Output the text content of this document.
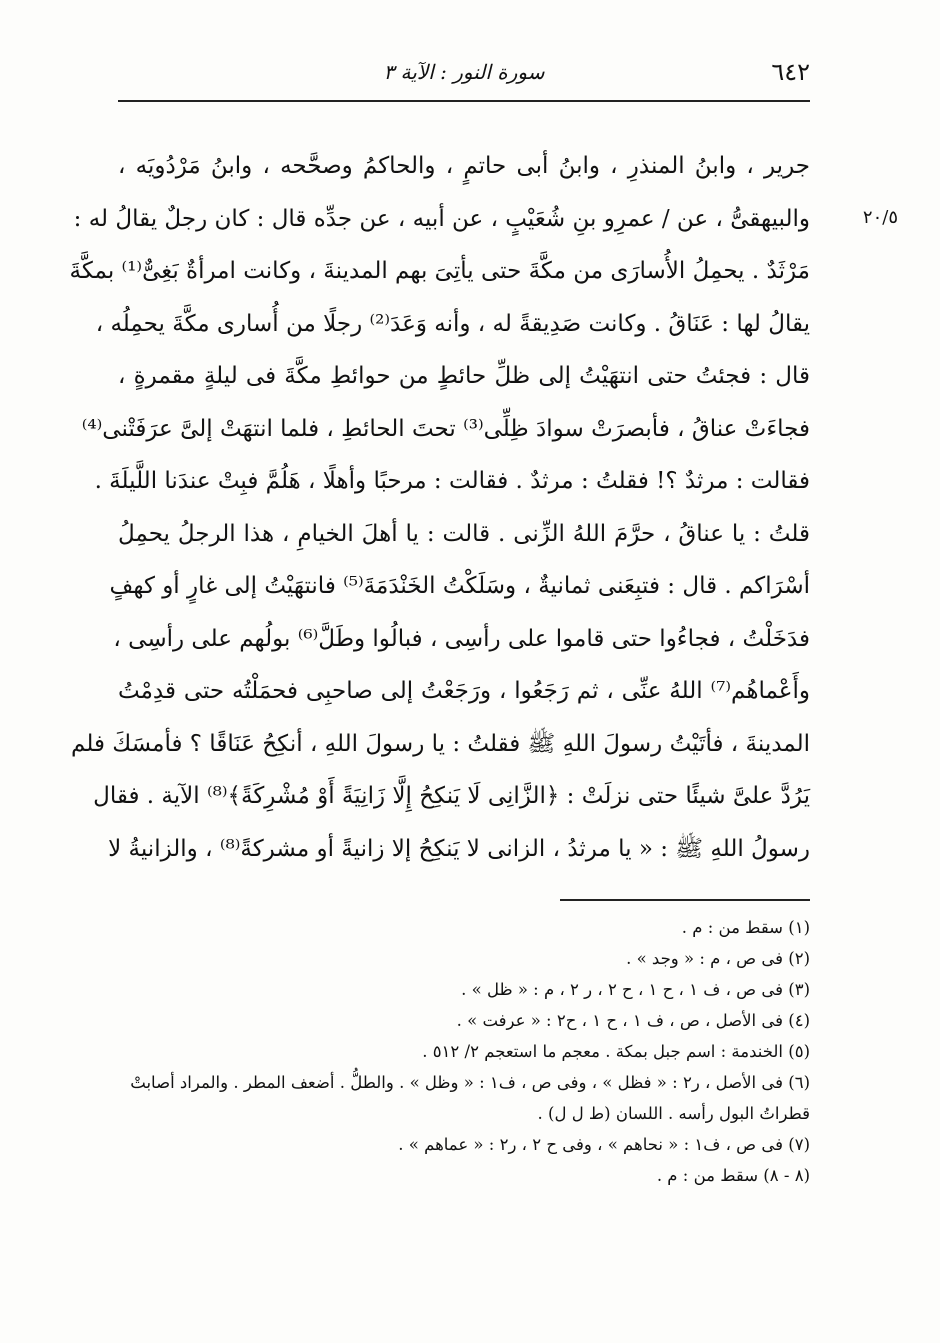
٦٤٢
سورة النور : الآية ٣
٢٠/٥
جرير ، وابنُ المنذرِ ، وابنُ أبى حاتمٍ ، والحاكمُ وصحَّحه ، وابنُ مَرْدُويَه ،
والبيهقىُّ ، عن / عمرِو بنِ شُعَيْبٍ ، عن أبيه ، عن جدِّه قال : كان رجلٌ يقالُ له :
مَرْثَدٌ . يحمِلُ الأُسارَى من مكَّةَ حتى يأتِىَ بهم المدينةَ ، وكانت امرأةٌ بَغِىٌّ⁽¹⁾ بمكَّةَ
يقالُ لها : عَنَاقُ . وكانت صَدِيقةً له ، وأنه وَعَدَ⁽²⁾ رجلًا من أُسارى مكَّةَ يحمِلُه ،
قال : فجئتُ حتى انتهَيْتُ إلى ظلِّ حائطٍ من حوائطِ مكَّةَ فى ليلةٍ مقمرةٍ ،
فجاءَتْ عناقُ ، فأبصرَتْ سوادَ ظِلِّى⁽³⁾ تحتَ الحائطِ ، فلما انتهَتْ إلىَّ عرَفَتْنى⁽⁴⁾
فقالت : مرثدٌ ؟! فقلتُ : مرثدٌ . فقالت : مرحبًا وأهلًا ، هَلُمَّ فبِتْ عندَنا اللَّيلَةَ .
قلتُ : يا عناقُ ، حرَّمَ اللهُ الزِّنى . قالت : يا أهلَ الخيامِ ، هذا الرجلُ يحمِلُ
أسْرَاكم . قال : فتبِعَنى ثمانيةٌ ، وسَلَكْتُ الخَنْدَمَةَ⁽⁵⁾ فانتهَيْتُ إلى غارٍ أو كهفٍ
فدَخَلْتُ ، فجاءُوا حتى قاموا على رأسِى ، فبالُوا وطَلَّ⁽⁶⁾ بولُهم على رأسِى ،
وأَعْماهُم⁽⁷⁾ اللهُ عنِّى ، ثم رَجَعُوا ، ورَجَعْتُ إلى صاحبِى فحمَلْتُه حتى قدِمْتُ
المدينةَ ، فأتَيْتُ رسولَ اللهِ ﷺ فقلتُ : يا رسولَ اللهِ ، أنكِحُ عَنَاقًا ؟ فأمسَكَ فلم
يَرُدَّ علىَّ شيئًا حتى نزلَتْ : ﴿الزَّانِى لَا يَنكِحُ إِلَّا زَانِيَةً أَوْ مُشْرِكَةً﴾⁽⁸⁾ الآية . فقال
رسولُ اللهِ ﷺ : « يا مرثدُ ، الزانى لا يَنكِحُ إلا زانيةً أو مشركةً⁽⁸⁾ ، والزانيةُ لا
(١) سقط من : م .
(٢) فى ص ، م : « وجد » .
(٣) فى ص ، ف ١ ، ح ١ ، ح ٢ ، ر ٢ ، م : « ظل » .
(٤) فى الأصل ، ص ، ف ١ ، ح ١ ، ح٢ : « عرفت » .
(٥) الخندمة : اسم جبل بمكة . معجم ما استعجم ٢/ ٥١٢ .
(٦) فى الأصل ، ر٢ : « فظل » ، وفى ص ، ف١ : « وظل » . والطلُّ . أضعف المطر . والمراد أصابتْ
قطراتُ البول رأسه . اللسان (ط ل ل) .
(٧) فى ص ، ف١ : « نحاهم » ، وفى ح ٢ ، ر٢ : « عماهم » .
(٨ - ٨) سقط من : م .
